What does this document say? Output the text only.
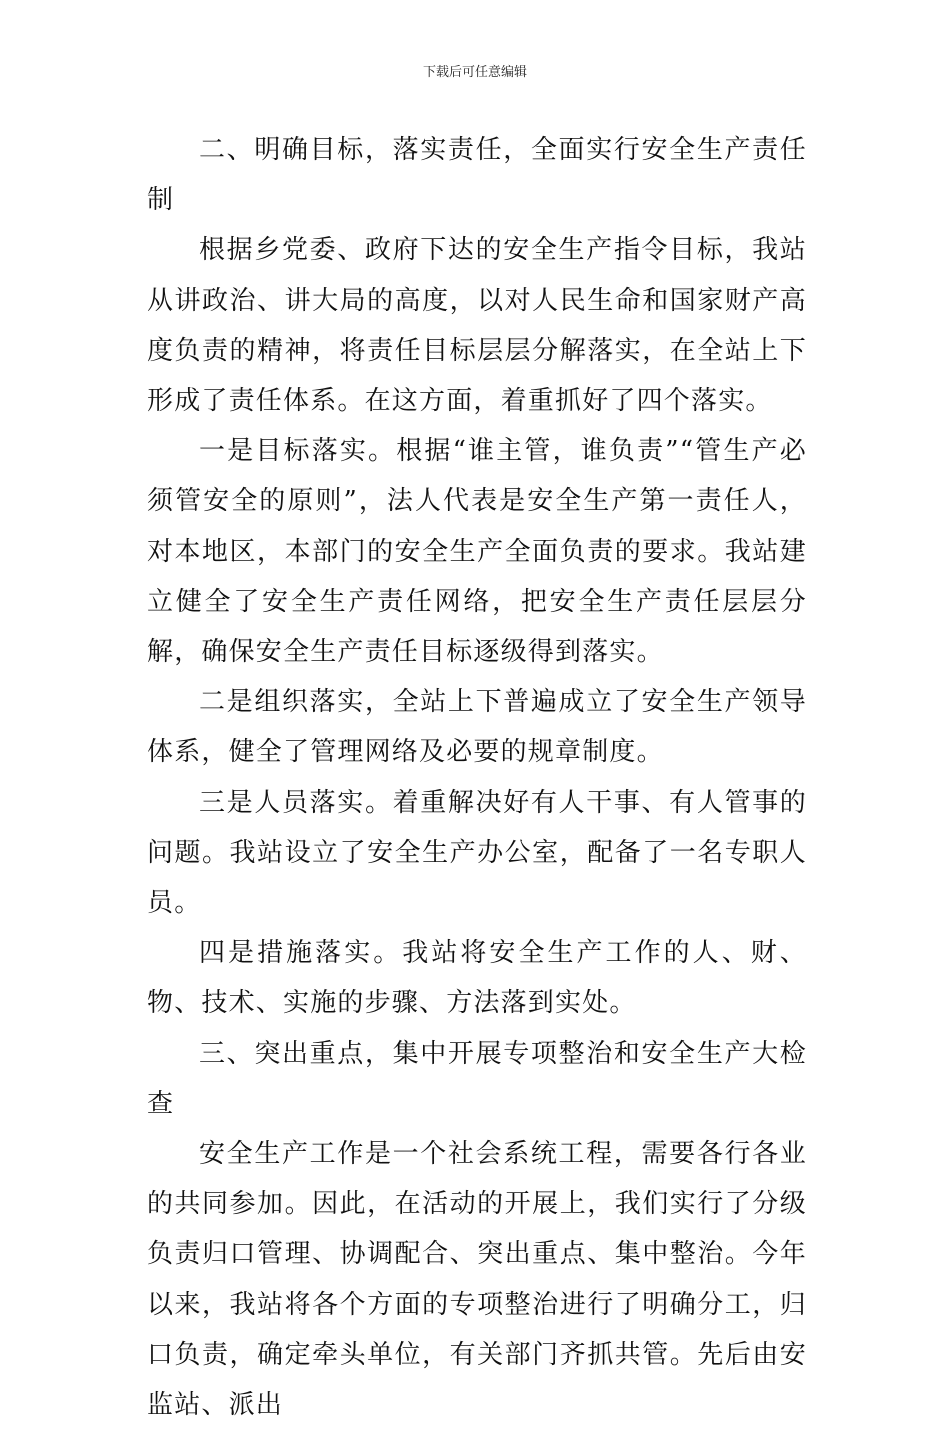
下载后可任意编辑

二、明确目标，落实责任，全面实行安全生产责任制

根据乡党委、政府下达的安全生产指令目标，我站从讲政治、讲大局的高度，以对人民生命和国家财产高度负责的精神，将责任目标层层分解落实，在全站上下形成了责任体系。在这方面，着重抓好了四个落实。

一是目标落实。根据“谁主管，谁负责”“管生产必须管安全的原则”，法人代表是安全生产第一责任人，对本地区，本部门的安全生产全面负责的要求。我站建立健全了安全生产责任网络，把安全生产责任层层分解，确保安全生产责任目标逐级得到落实。

二是组织落实，全站上下普遍成立了安全生产领导体系，健全了管理网络及必要的规章制度。

三是人员落实。着重解决好有人干事、有人管事的问题。我站设立了安全生产办公室，配备了一名专职人员。

四是措施落实。我站将安全生产工作的人、财、物、技术、实施的步骤、方法落到实处。

三、突出重点，集中开展专项整治和安全生产大检查

安全生产工作是一个社会系统工程，需要各行各业的共同参加。因此，在活动的开展上，我们实行了分级负责归口管理、协调配合、突出重点、集中整治。今年以来，我站将各个方面的专项整治进行了明确分工，归口负责，确定牵头单位，有关部门齐抓共管。先后由安监站、派出
